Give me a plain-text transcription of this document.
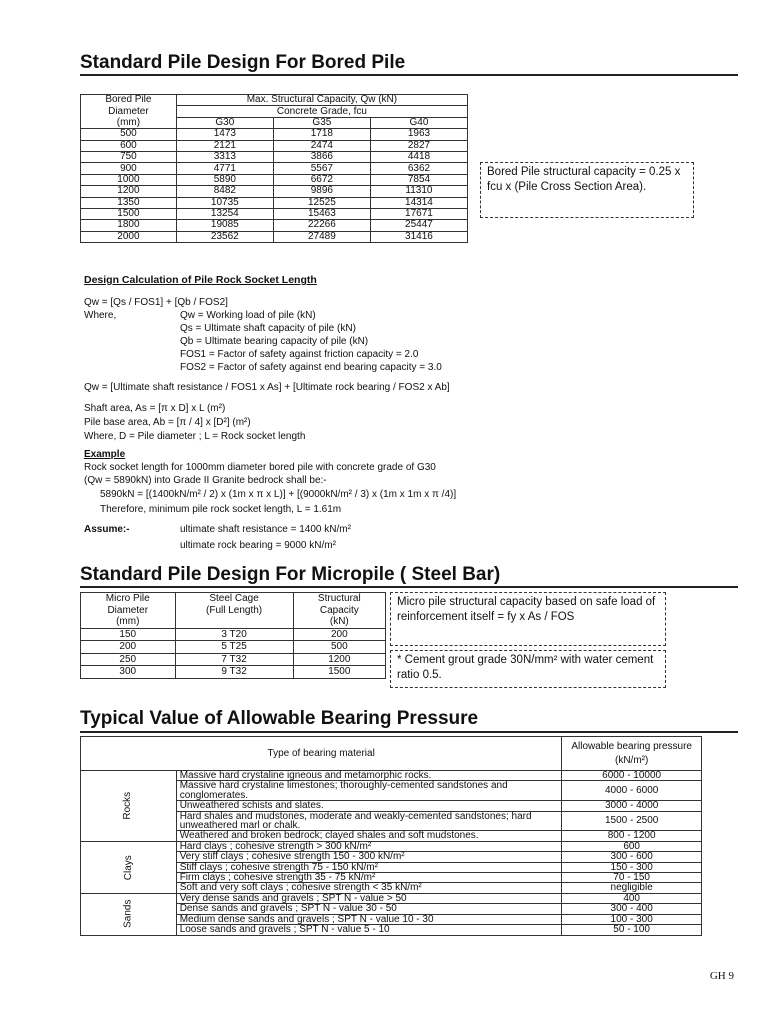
Standard Pile Design For Bored Pile
Bored Pile	Max. Structural Capacity, Qw (kN)		
Diameter	Concrete Grade, fcu		
(mm)	G30	G35	G40
500	1473	1718	1963
600	2121	2474	2827
750	3313	3866	4418
900	4771	5567	6362
1000	5890	6672	7854
1200	8482	9896	11310
1350	10735	12525	14314
1500	13254	15463	17671
1800	19085	22266	25447
2000	23562	27489	31416
Bored Pile structural capacity = 0.25 x fcu x (Pile Cross Section Area).
Design Calculation of Pile Rock Socket Length
Qw = [Qs / FOS1] + [Qb / FOS2]
Where,	Qw = Working load of pile (kN)
Qs = Ultimate shaft capacity of pile (kN)
Qb = Ultimate bearing capacity of pile (kN)
FOS1 = Factor of safety against friction capacity = 2.0
FOS2 = Factor of safety against end bearing capacity = 3.0
Qw = [Ultimate shaft resistance / FOS1 x As] + [Ultimate rock bearing / FOS2 x Ab]
Shaft area, As = [π x D] x L (m²)
Pile base area, Ab = [π / 4] x [D²] (m²)
Where, D = Pile diameter ; L = Rock socket length
Example
Rock socket length for 1000mm diameter bored pile with concrete grade of G30
(Qw = 5890kN) into Grade II Granite bedrock shall be:-
5890kN = [(1400kN/m² / 2) x (1m x π x L)] + [(9000kN/m² / 3) x (1m x 1m x π /4)]
Therefore, minimum pile rock socket length, L = 1.61m
Assume:-	ultimate shaft resistance = 1400 kN/m²
ultimate rock bearing = 9000 kN/m²
Standard Pile Design For Micropile ( Steel Bar)
Micro Pile	Steel Cage	Structural
Diameter	(Full Length)	Capacity
(mm)		(kN)
150	3 T20	200
200	5 T25	500
250	7 T32	1200
300	9 T32	1500
Micro pile structural capacity based on safe load of reinforcement itself = fy x As / FOS
* Cement grout grade 30N/mm² with water cement ratio 0.5.
Typical Value of Allowable Bearing Pressure
Type of bearing material		Allowable bearing pressure (kN/m²)
Rocks	Massive hard crystaline igneous and metamorphic rocks.	6000 - 10000
	Massive hard crystaline limestones; thoroughly-cemented sandstones and conglomerates.	4000 - 6000
	Unweathered schists and slates.	3000 - 4000
	Hard shales and mudstones, moderate and weakly-cemented sandstones; hard unweathered marl or chalk.	1500 - 2500
	Weathered and broken bedrock; clayed shales and soft mudstones.	800 - 1200
Clays	Hard clays ; cohesive strength > 300 kN/m²	600
	Very stiff clays ; cohesive strength 150 - 300 kN/m²	300 - 600
	Stiff clays ; cohesive strength 75 - 150 kN/m²	150 - 300
	Firm clays ; cohesive strength 35 - 75 kN/m²	70 - 150
	Soft and very soft clays ; cohesive strength < 35 kN/m²	negligible
Sands	Very dense sands and gravels ; SPT N - value > 50	400
	Dense sands and gravels ; SPT N - value 30 - 50	300 - 400
	Medium dense sands and gravels ; SPT N - value 10 - 30	100 - 300
	Loose sands and gravels ; SPT N - value 5 - 10	50 - 100
GH 9
